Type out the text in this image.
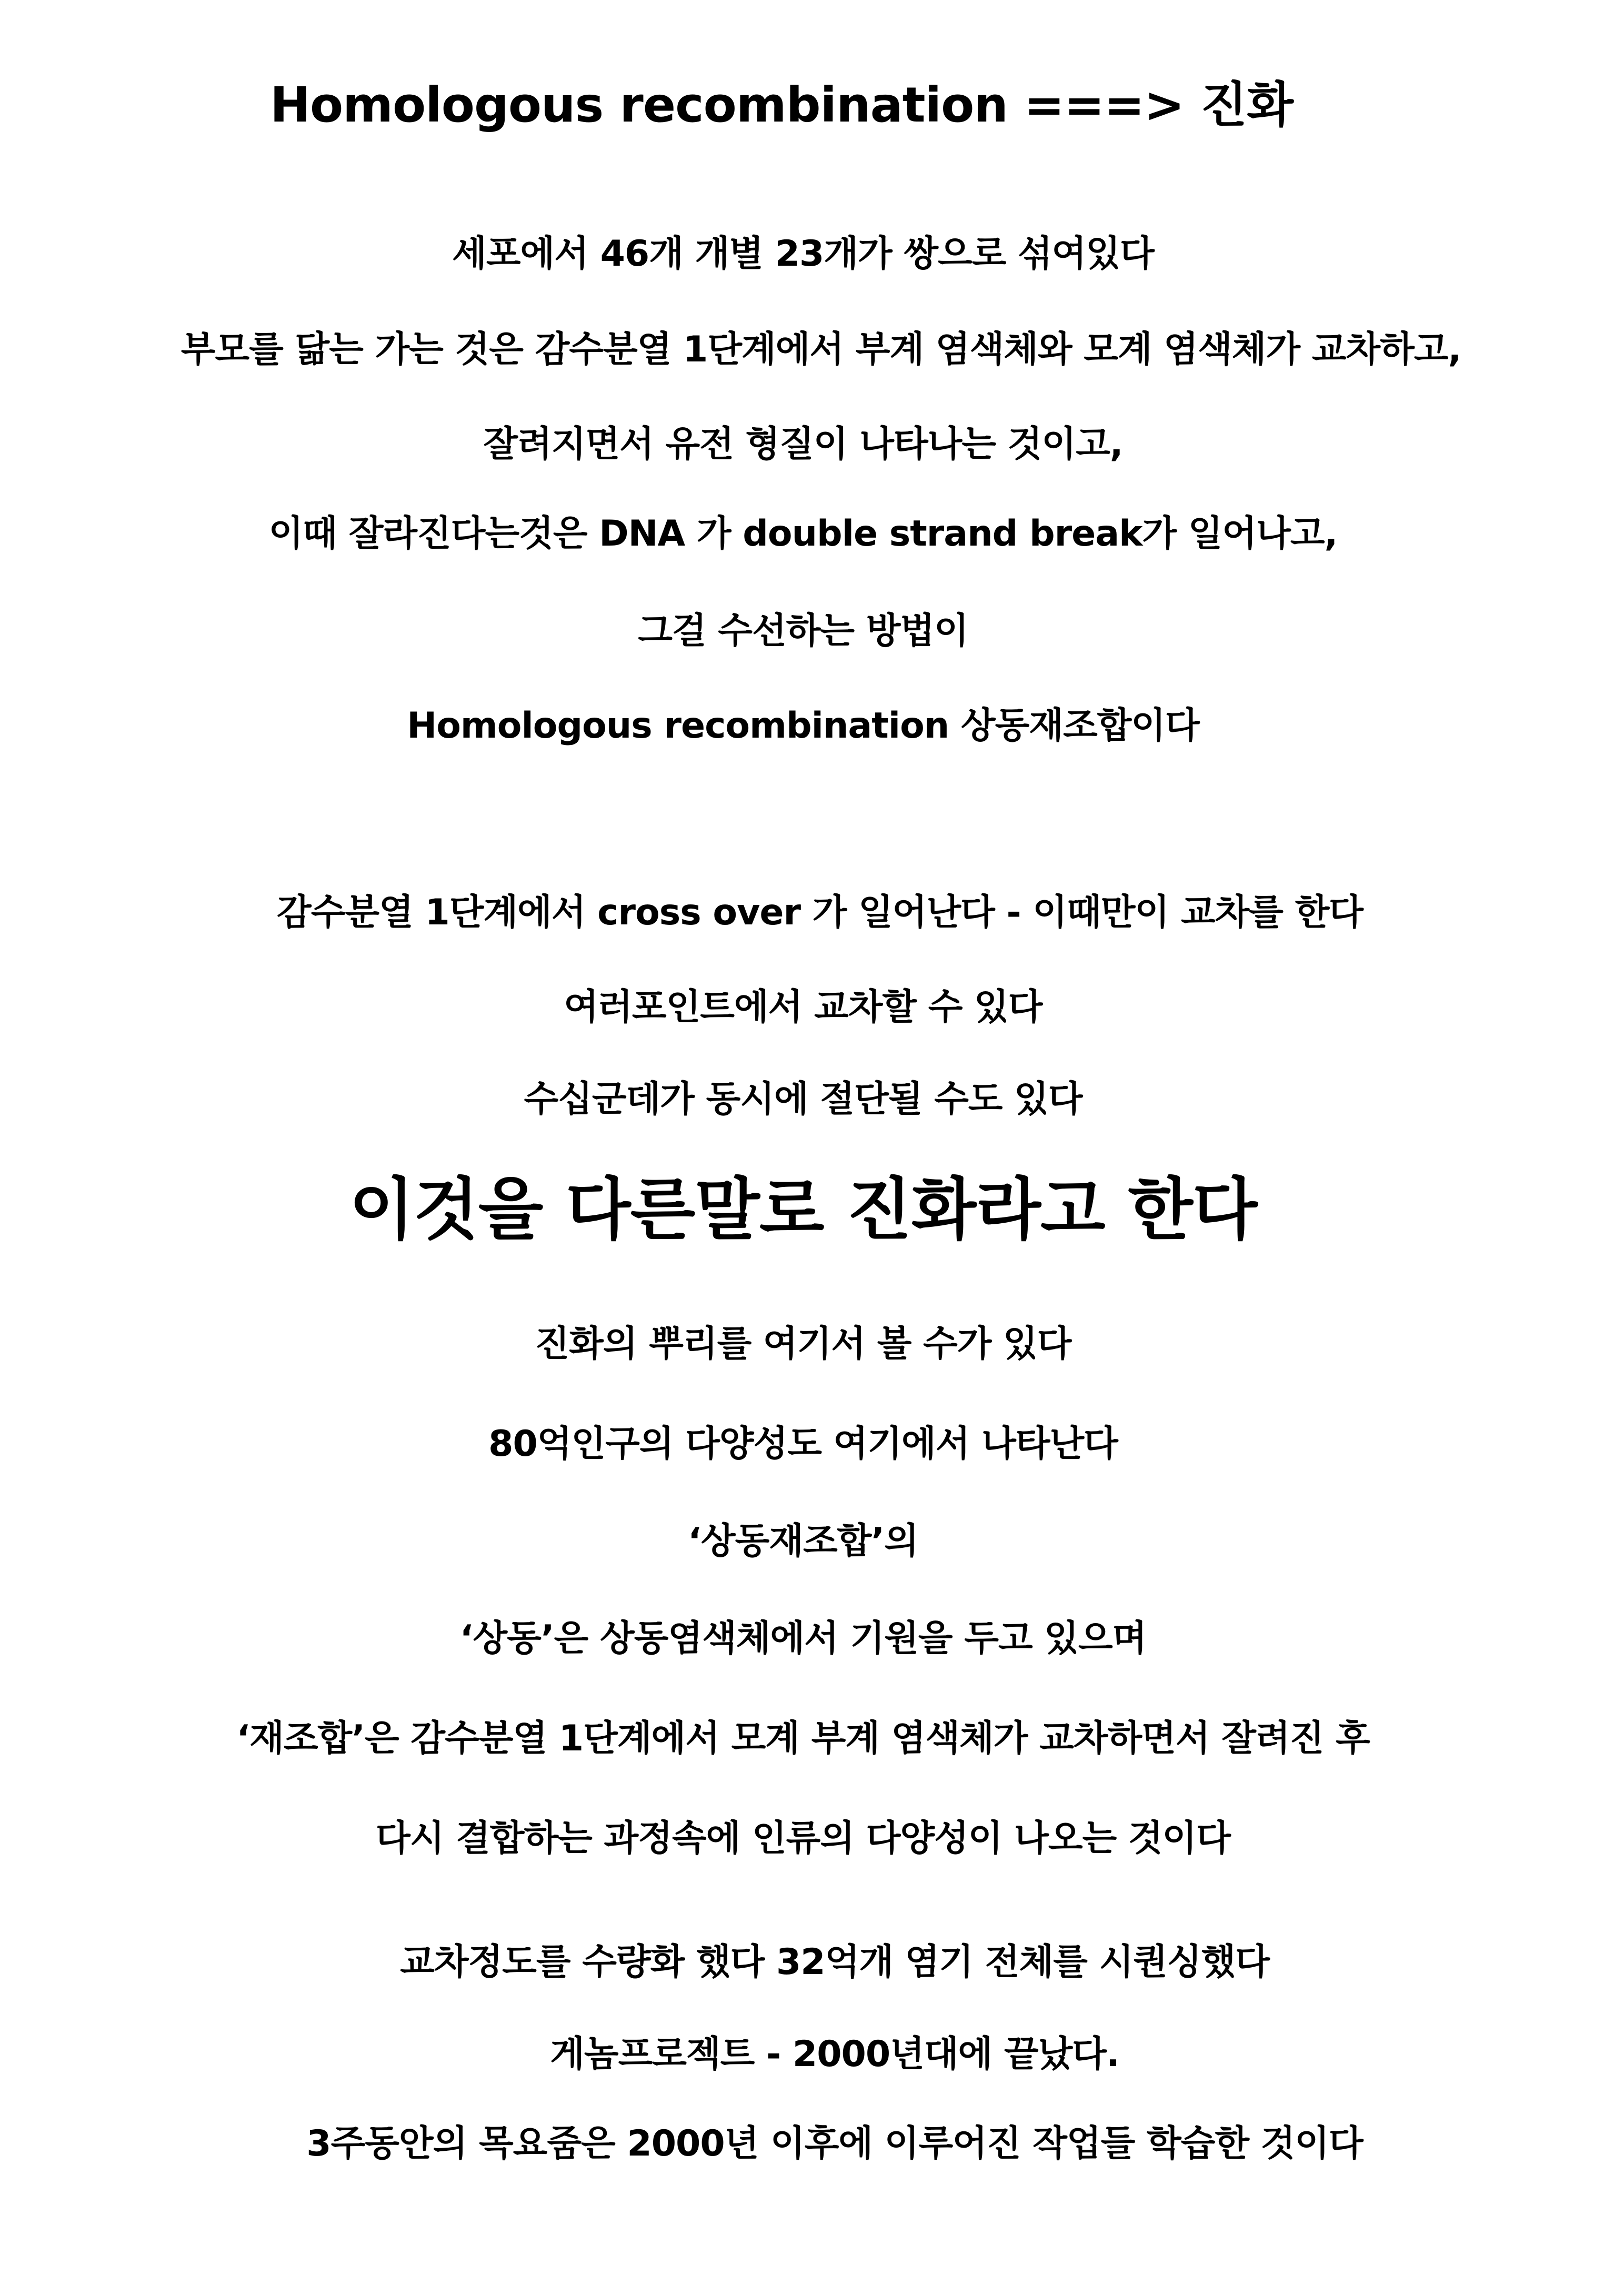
Homologous recombination ===> 진화
세포에서 46개 개별 23개가 쌍으로 섞여있다
부모를 닮는 가는 것은 감수분열 1단계에서 부계 염색체와 모계 염색체가 교차하고,
잘려지면서 유전 형질이 나타나는 것이고,
이때 잘라진다는것은 DNA 가 double strand break가 일어나고,
그걸 수선하는 방법이
Homologous recombination 상동재조합이다
감수분열 1단계에서 cross over 가 일어난다 - 이때만이 교차를 한다
여러포인트에서 교차할 수 있다
수십군데가 동시에 절단될 수도 있다
이것을 다른말로 진화라고 한다
진화의 뿌리를 여기서 볼 수가 있다
80억인구의 다양성도 여기에서 나타난다
‘상동재조합’의
‘상동’은 상동염색체에서 기원을 두고 있으며
‘재조합’은 감수분열 1단계에서 모계 부계 염색체가 교차하면서 잘려진 후
다시 결합하는 과정속에 인류의 다양성이 나오는 것이다
교차정도를 수량화 했다 32억개 염기 전체를 시퀀싱했다
게놈프로젝트 - 2000년대에 끝났다.
3주동안의 목요줌은 2000년 이후에 이루어진 작업들 학습한 것이다
